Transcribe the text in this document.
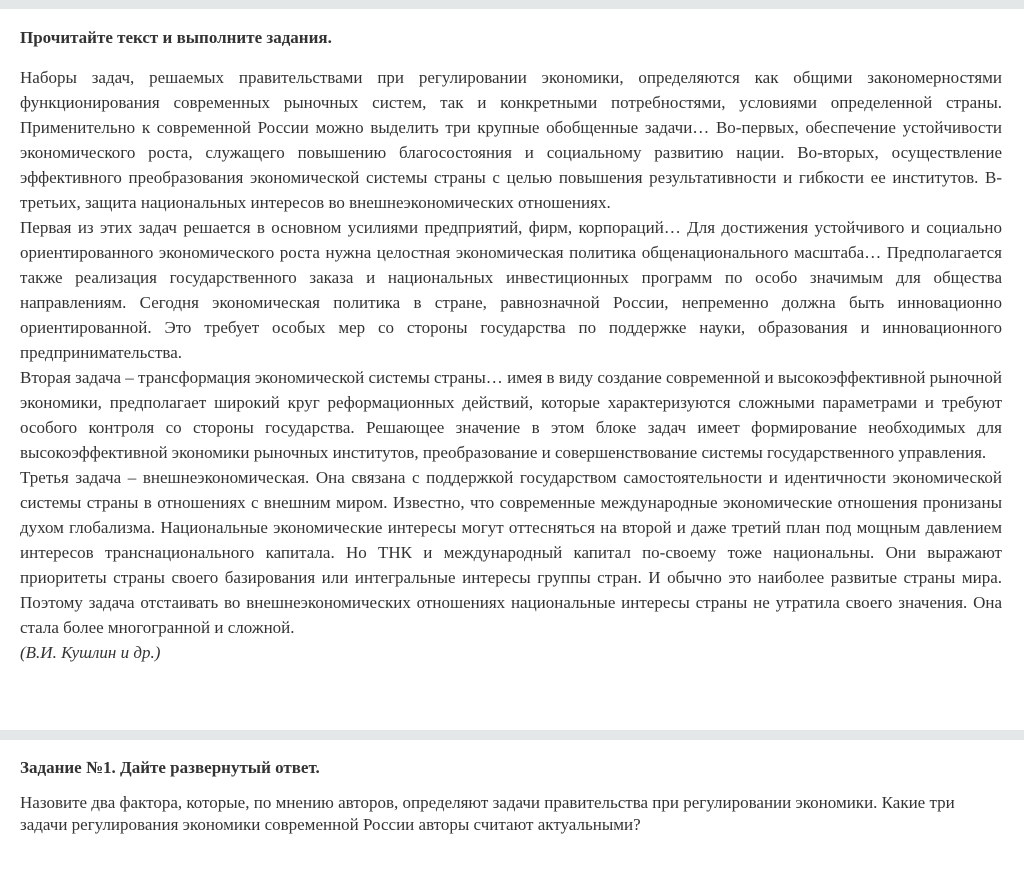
Прочитайте текст и выполните задания.

Наборы задач, решаемых правительствами при регулировании экономики, определяются как общими закономерностями функционирования современных рыночных систем, так и конкретными потребностями, условиями определенной страны. Применительно к современной России можно выделить три крупные обобщенные задачи… Во-первых, обеспечение устойчивости экономического роста, служащего повышению благосостояния и социальному развитию нации. Во-вторых, осуществление эффективного преобразования экономической системы страны с целью повышения результативности и гибкости ее институтов. В-третьих, защита национальных интересов во внешнеэкономических отношениях.

Первая из этих задач решается в основном усилиями предприятий, фирм, корпораций… Для достижения устойчивого и социально ориентированного экономического роста нужна целостная экономическая политика общенационального масштаба… Предполагается также реализация государственного заказа и национальных инвестиционных программ по особо значимым для общества направлениям. Сегодня экономическая политика в стране, равнозначной России, непременно должна быть инновационно ориентированной. Это требует особых мер со стороны государства по поддержке науки, образования и инновационного предпринимательства.

Вторая задача – трансформация экономической системы страны… имея в виду создание современной и высокоэффективной рыночной экономики, предполагает широкий круг реформационных действий, которые характеризуются сложными параметрами и требуют особого контроля со стороны государства. Решающее значение в этом блоке задач имеет формирование необходимых для высокоэффективной экономики рыночных институтов, преобразование и совершенствование системы государственного управления.

Третья задача – внешнеэкономическая. Она связана с поддержкой государством самостоятельности и идентичности экономической системы страны в отношениях с внешним миром. Известно, что современные международные экономические отношения пронизаны духом глобализма. Национальные экономические интересы могут оттесняться на второй и даже третий план под мощным давлением интересов транснационального капитала. Но ТНК и международный капитал по-своему тоже национальны. Они выражают приоритеты страны своего базирования или интегральные интересы группы стран. И обычно это наиболее развитые страны мира. Поэтому задача отстаивать во внешнеэкономических отношениях национальные интересы страны не утратила своего значения. Она стала более многогранной и сложной.

(В.И. Кушлин и др.)

Задание №1. Дайте развернутый ответ.

Назовите два фактора, которые, по мнению авторов, определяют задачи правительства при регулировании экономики. Какие три задачи регулирования экономики современной России авторы считают актуальными?
